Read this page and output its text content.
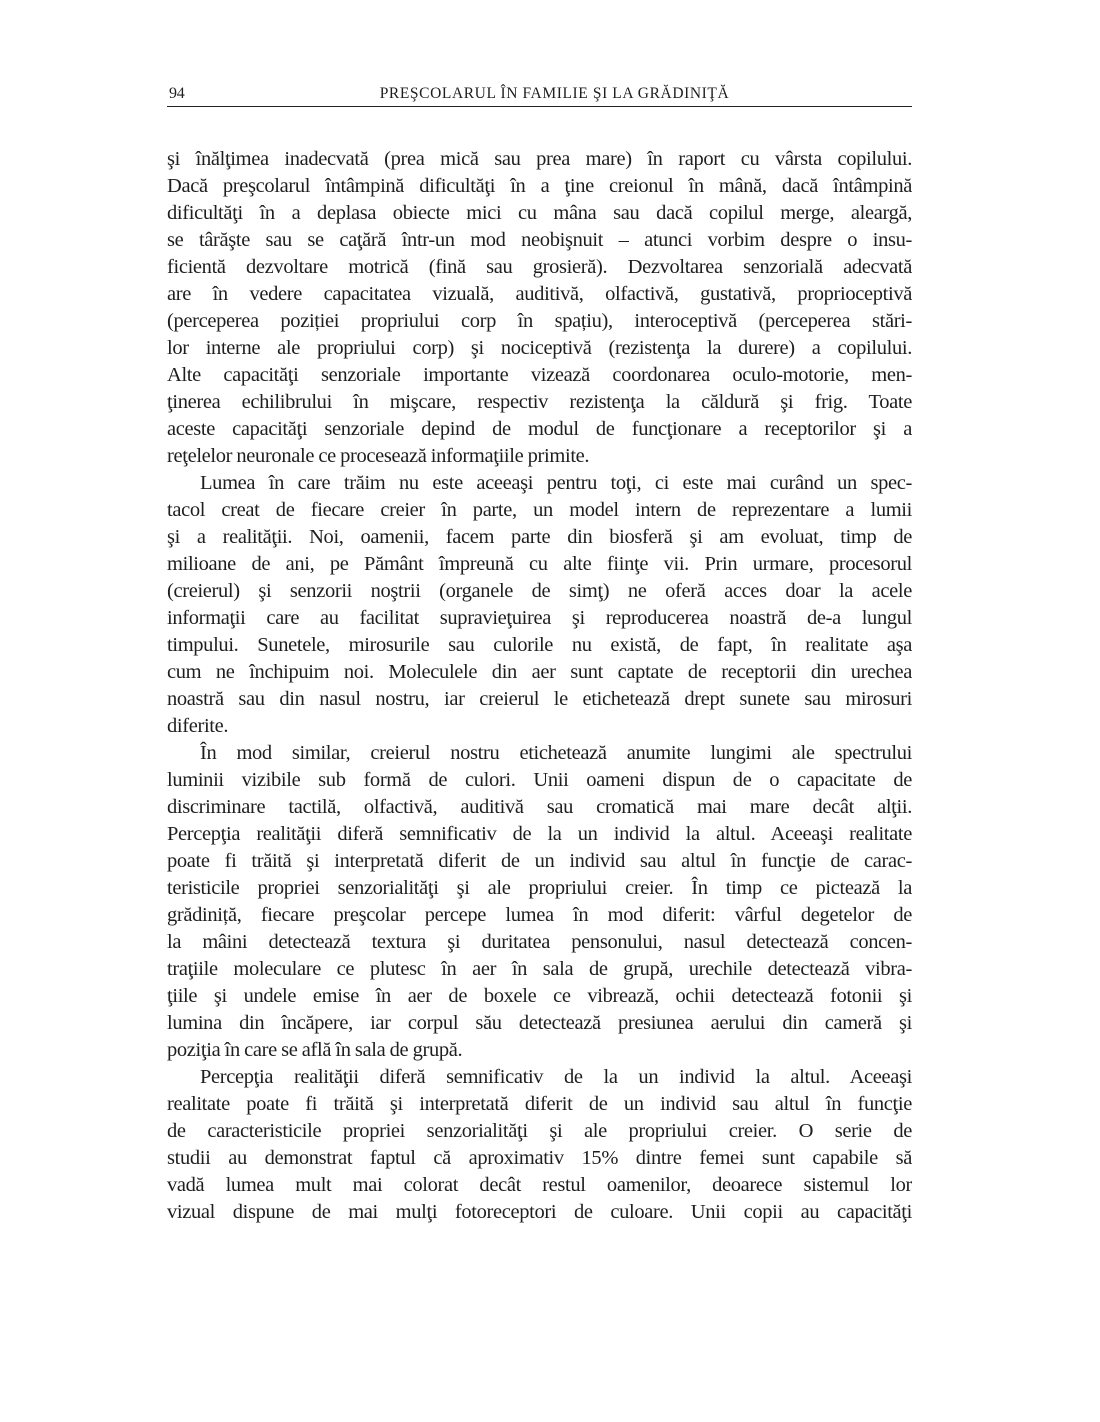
94	PREŞCOLARUL ÎN FAMILIE ŞI LA GRĂDINIŢĂ
şi înălţimea inadecvată (prea mică sau prea mare) în raport cu vârsta copilului.
Dacă preşcolarul întâmpină dificultăţi în a ţine creionul în mână, dacă întâmpină
dificultăţi în a deplasa obiecte mici cu mâna sau dacă copilul merge, aleargă,
se târăşte sau se caţără într-un mod neobişnuit – atunci vorbim despre o insu-
ficientă dezvoltare motrică (fină sau grosieră). Dezvoltarea senzorială adecvată
are în vedere capacitatea vizuală, auditivă, olfactivă, gustativă, proprioceptivă
(perceperea poziției propriului corp în spațiu), interoceptivă (perceperea stări-
lor interne ale propriului corp) şi nociceptivă (rezistenţa la durere) a copilului.
Alte capacităţi senzoriale importante vizează coordonarea oculo-motorie, men-
ţinerea echilibrului în mişcare, respectiv rezistenţa la căldură şi frig. Toate
aceste capacităţi senzoriale depind de modul de funcţionare a receptorilor şi a
reţelelor neuronale ce procesează informaţiile primite.
Lumea în care trăim nu este aceeaşi pentru toţi, ci este mai curând un spec-
tacol creat de fiecare creier în parte, un model intern de reprezentare a lumii
şi a realităţii. Noi, oamenii, facem parte din biosferă şi am evoluat, timp de
milioane de ani, pe Pământ împreună cu alte fiinţe vii. Prin urmare, procesorul
(creierul) şi senzorii noştrii (organele de simţ) ne oferă acces doar la acele
informaţii care au facilitat supravieţuirea şi reproducerea noastră de-a lungul
timpului. Sunetele, mirosurile sau culorile nu există, de fapt, în realitate aşa
cum ne închipuim noi. Moleculele din aer sunt captate de receptorii din urechea
noastră sau din nasul nostru, iar creierul le etichetează drept sunete sau mirosuri
diferite.
În mod similar, creierul nostru etichetează anumite lungimi ale spectrului
luminii vizibile sub formă de culori. Unii oameni dispun de o capacitate de
discriminare tactilă, olfactivă, auditivă sau cromatică mai mare decât alţii.
Percepţia realităţii diferă semnificativ de la un individ la altul. Aceeaşi realitate
poate fi trăită şi interpretată diferit de un individ sau altul în funcţie de carac-
teristicile propriei senzorialităţi şi ale propriului creier. În timp ce pictează la
grădiniță, fiecare preşcolar percepe lumea în mod diferit: vârful degetelor de
la mâini detectează textura şi duritatea pensonului, nasul detectează concen-
traţiile moleculare ce plutesc în aer în sala de grupă, urechile detectează vibra-
ţiile şi undele emise în aer de boxele ce vibrează, ochii detectează fotonii şi
lumina din încăpere, iar corpul său detectează presiunea aerului din cameră şi
poziţia în care se află în sala de grupă.
Percepţia realităţii diferă semnificativ de la un individ la altul. Aceeaşi
realitate poate fi trăită şi interpretată diferit de un individ sau altul în funcţie
de caracteristicile propriei senzorialităţi şi ale propriului creier. O serie de
studii au demonstrat faptul că aproximativ 15% dintre femei sunt capabile să
vadă lumea mult mai colorat decât restul oamenilor, deoarece sistemul lor
vizual dispune de mai mulţi fotoreceptori de culoare. Unii copii au capacităţi
